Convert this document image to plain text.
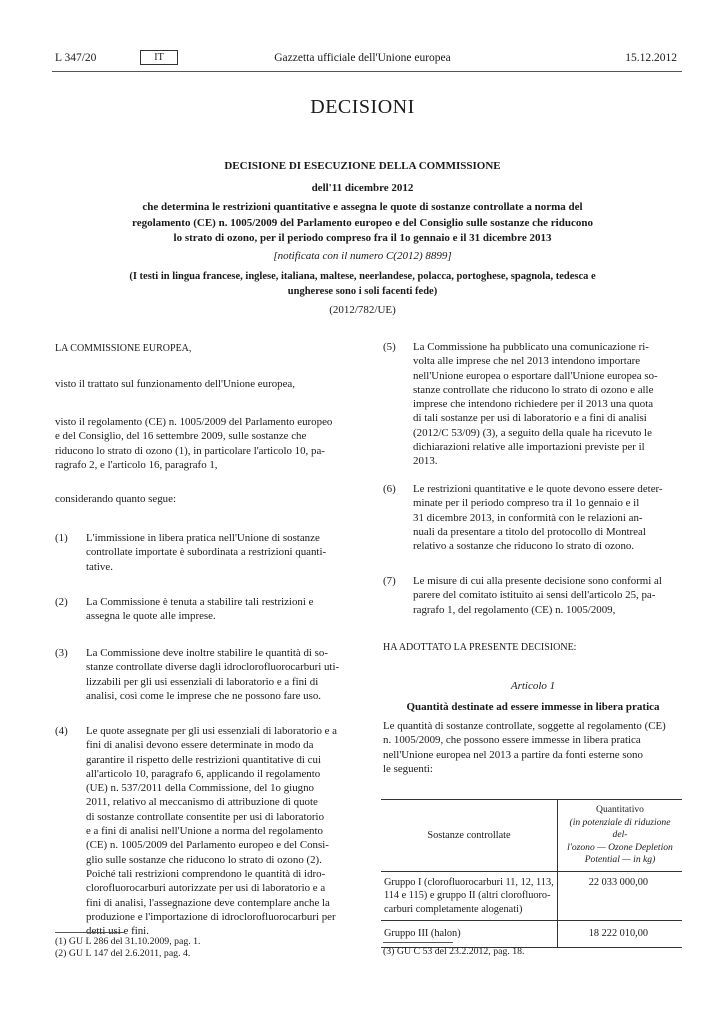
L 347/20	IT	Gazzetta ufficiale dell'Unione europea	15.12.2012
DECISIONI
DECISIONE DI ESECUZIONE DELLA COMMISSIONE
dell'11 dicembre 2012
che determina le restrizioni quantitative e assegna le quote di sostanze controllate a norma del
regolamento (CE) n. 1005/2009 del Parlamento europeo e del Consiglio sulle sostanze che riducono
lo strato di ozono, per il periodo compreso fra il 1o gennaio e il 31 dicembre 2013
[notificata con il numero C(2012) 8899]
(I testi in lingua francese, inglese, italiana, maltese, neerlandese, polacca, portoghese, spagnola, tedesca e
ungherese sono i soli facenti fede)
(2012/782/UE)
LA COMMISSIONE EUROPEA,
visto il trattato sul funzionamento dell'Unione europea,
visto il regolamento (CE) n. 1005/2009 del Parlamento europeo
e del Consiglio, del 16 settembre 2009, sulle sostanze che
riducono lo strato di ozono (1), in particolare l'articolo 10, pa-
ragrafo 2, e l'articolo 16, paragrafo 1,
considerando quanto segue:
(1)	L'immissione in libera pratica nell'Unione di sostanze
controllate importate è subordinata a restrizioni quanti-
tative.
(2)	La Commissione è tenuta a stabilire tali restrizioni e
assegna le quote alle imprese.
(3)	La Commissione deve inoltre stabilire le quantità di so-
stanze controllate diverse dagli idroclorofluorocarburi uti-
lizzabili per gli usi essenziali di laboratorio e a fini di
analisi, così come le imprese che ne possono fare uso.
(4)	Le quote assegnate per gli usi essenziali di laboratorio e a
fini di analisi devono essere determinate in modo da
garantire il rispetto delle restrizioni quantitative di cui
all'articolo 10, paragrafo 6, applicando il regolamento
(UE) n. 537/2011 della Commissione, del 1o giugno
2011, relativo al meccanismo di attribuzione di quote
di sostanze controllate consentite per usi di laboratorio
e a fini di analisi nell'Unione a norma del regolamento
(CE) n. 1005/2009 del Parlamento europeo e del Consi-
glio sulle sostanze che riducono lo strato di ozono (2).
Poiché tali restrizioni comprendono le quantità di idro-
clorofluorocarburi autorizzate per usi di laboratorio e a
fini di analisi, l'assegnazione deve contemplare anche la
produzione e l'importazione di idroclorofluorocarburi per
detti usi e fini.
(1) GU L 286 del 31.10.2009, pag. 1.
(2) GU L 147 del 2.6.2011, pag. 4.
(5)	La Commissione ha pubblicato una comunicazione ri-
volta alle imprese che nel 2013 intendono importare
nell'Unione europea o esportare dall'Unione europea so-
stanze controllate che riducono lo strato di ozono e alle
imprese che intendono richiedere per il 2013 una quota
di tali sostanze per usi di laboratorio e a fini di analisi
(2012/C 53/09) (3), a seguito della quale ha ricevuto le
dichiarazioni relative alle importazioni previste per il
2013.
(6)	Le restrizioni quantitative e le quote devono essere deter-
minate per il periodo compreso tra il 1o gennaio e il
31 dicembre 2013, in conformità con le relazioni an-
nuali da presentare a titolo del protocollo di Montreal
relativo a sostanze che riducono lo strato di ozono.
(7)	Le misure di cui alla presente decisione sono conformi al
parere del comitato istituito ai sensi dell'articolo 25, pa-
ragrafo 1, del regolamento (CE) n. 1005/2009,
HA ADOTTATO LA PRESENTE DECISIONE:
Articolo 1
Quantità destinate ad essere immesse in libera pratica
Le quantità di sostanze controllate, soggette al regolamento (CE)
n. 1005/2009, che possono essere immesse in libera pratica
nell'Unione europea nel 2013 a partire da fonti esterne sono
le seguenti:
Sostanze controllate	Quantitativo
(in potenziale di riduzione del-
l'ozono — Ozone Depletion
Potential — in kg)

Gruppo I (clorofluorocarburi 11, 12, 113,
114 e 115) e gruppo II (altri clorofluoro-
carburi completamente alogenati)	22 033 000,00

Gruppo III (halon)	18 222 010,00
(3) GU C 53 del 23.2.2012, pag. 18.
